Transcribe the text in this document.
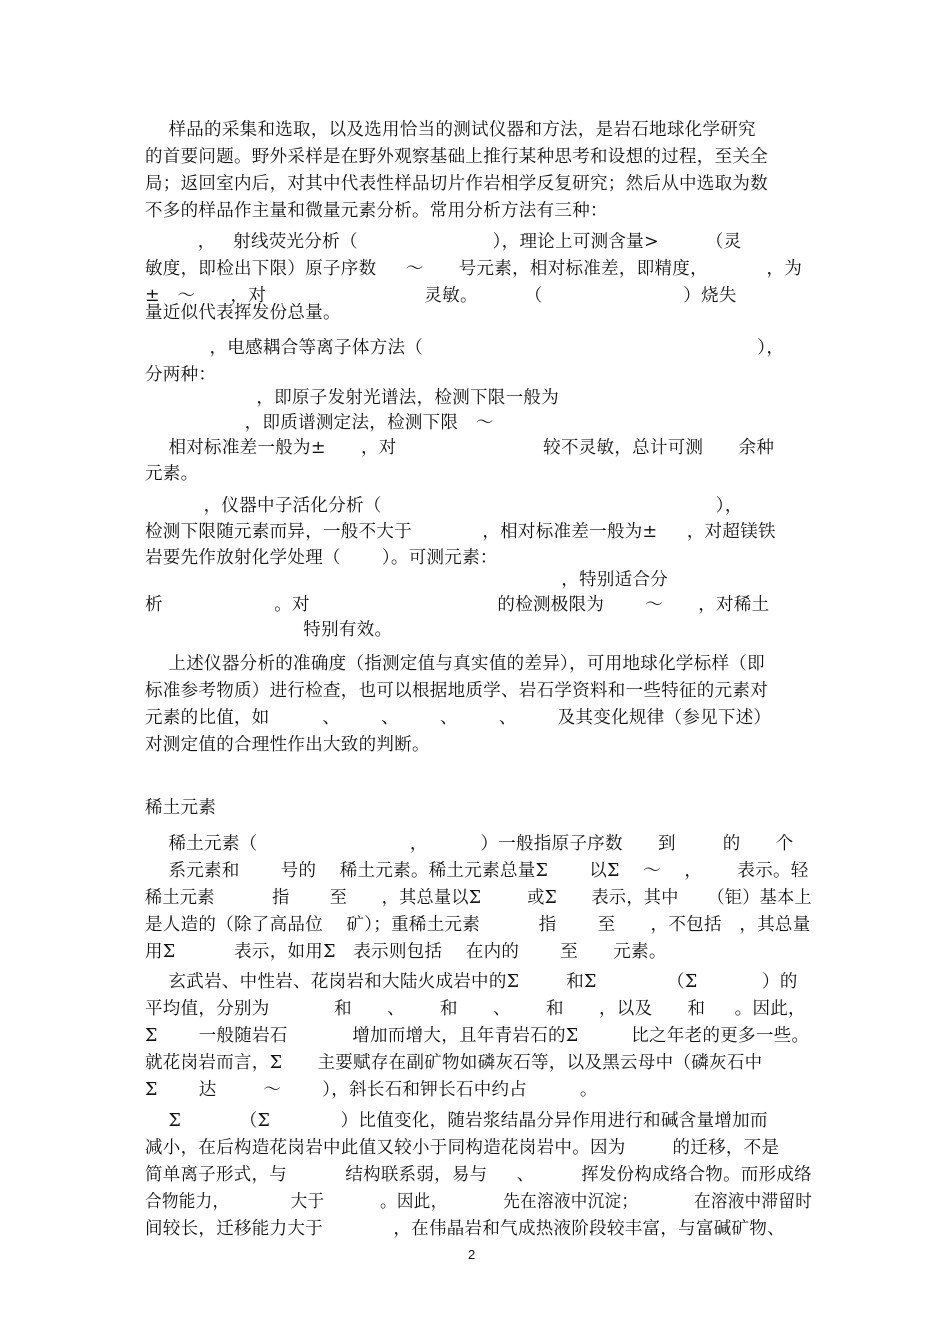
样品的采集和选取，以及选用恰当的测试仪器和方法，是岩石地球化学研究
的首要问题。野外采样是在野外观察基础上推行某种思考和设想的过程，至关全
局；返回室内后，对其中代表性样品切片作岩相学反复研究；然后从中选取为数
不多的样品作主量和微量元素分析。常用分析方法有三种：
，   射线荧光分析（                       ），理论上可测含量>        （灵
敏度，即检出下限）原子序数     ～      号元素，相对标准差，即精度，          ，为
±   ～      ，对                           灵敏。        （                        ）烧失
量近似代表挥发份总量。
，电感耦合等离子体方法（                                                         ），
分两种：
，即原子发射光谱法，检测下限一般为
，即质谱测定法，检测下限   ～
相对标准差一般为±      ，对                         较不灵敏，总计可测      余种
元素。
，仪器中子活化分析（                                                         ），
检测下限随元素而异，一般不大于            ，相对标准差一般为±     ，对超镁铁
岩要先作放射化学处理（       ）。可测元素：
，特别适合分
析                   。对                                的检测极限为       ～      ，对稀土
特别有效。
上述仪器分析的准确度（指测定值与真实值的差异），可用地球化学标样（即
标准参考物质）进行检查，也可以根据地质学、岩石学资料和一些特征的元素对
元素的比值，如         、       、       、       、       及其变化规律（参见下述）
对测定值的合理性作出大致的判断。
稀土元素
稀土元素（                          ，         ）一般指原子序数      到        的      个
系元素和       号的    稀土元素。稀土元素总量Σ       以Σ    ～    ，      表示。轻
稀土元素          指       至      ，其总量以Σ        或Σ      表示，其中     （钜）基本上
是人造的（除了高品位    矿）；重稀土元素          指       至      ，不包括   ，其总量
用Σ          表示，如用Σ   表示则包括    在内的       至      元素。
玄武岩、中性岩、花岗岩和大陆火成岩中的Σ        和Σ            （Σ           ）的
平均值，分别为           和      、      和      、      和      ，以及      和     。因此，
Σ       一般随岩石           增加而增大，且年青岩石的Σ         比之年老的更多一些。
就花岗岩而言，Σ      主要赋存在副矿物如磷灰石等，以及黑云母中（磷灰石中
Σ       达        ～       ），斜长石和钾长石中约占         。
Σ          （Σ            ）比值变化，随岩浆结晶分异作用进行和碱含量增加而
减小，在后构造花岗岩中此值又较小于同构造花岗岩中。因为        的迁移，不是
简单离子形式，与          结构联系弱，易与     、        挥发份构成络合物。而形成络
合物能力，           大于          。因此，          先在溶液中沉淀；          在溶液中滞留时
间较长，迁移能力大于            ，在伟晶岩和气成热液阶段较丰富，与富碱矿物、
2
